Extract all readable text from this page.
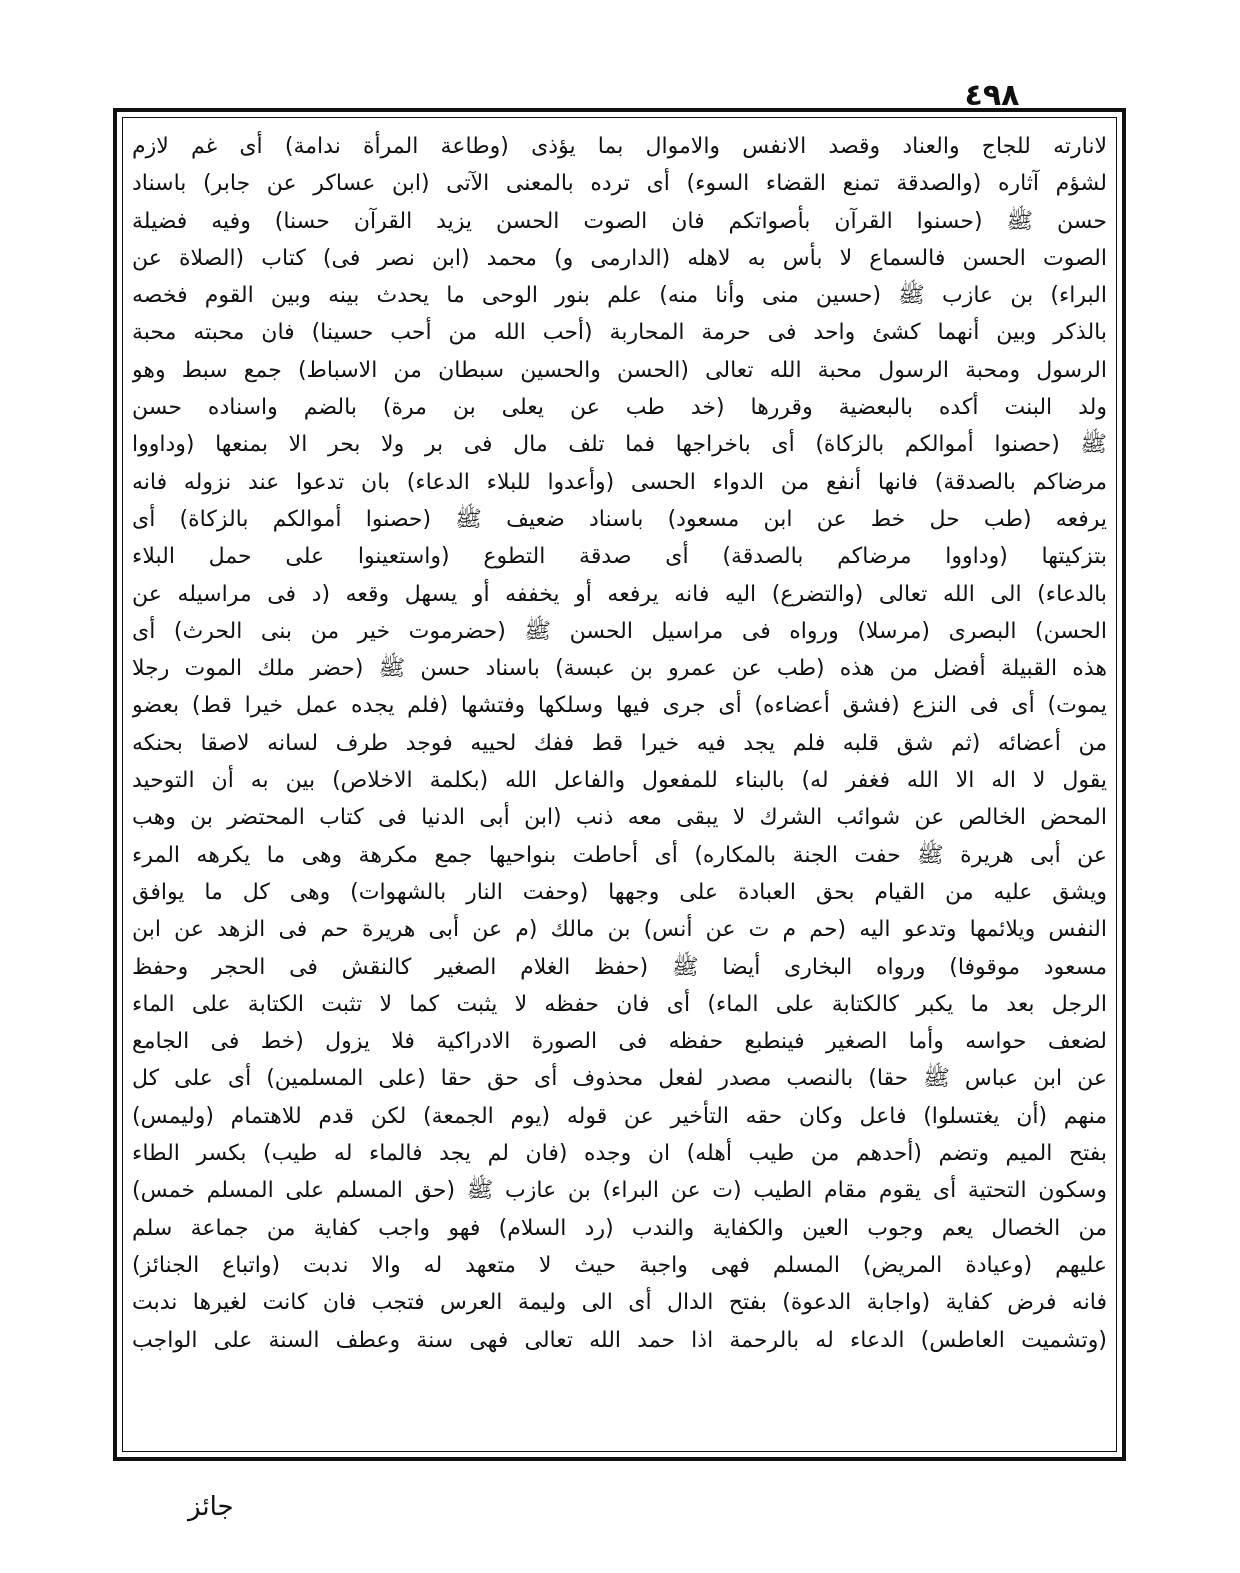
٤٩٨
لانارته للجاج والعناد وقصد الانفس والاموال بما يؤذى (وطاعة المرأة ندامة) أى غم لازم
لشؤم آثاره (والصدقة تمنع القضاء السوء) أى ترده بالمعنى الآتى (ابن عساكر عن جابر) باسناد
حسن ﷺ (حسنوا القرآن بأصواتكم فان الصوت الحسن يزيد القرآن حسنا) وفيه فضيلة
الصوت الحسن فالسماع لا بأس به لاهله (الدارمى و) محمد (ابن نصر فى) كتاب (الصلاة عن
البراء) بن عازب ﷺ (حسين منى وأنا منه) علم بنور الوحى ما يحدث بينه وبين القوم فخصه
بالذكر وبين أنهما كشئ واحد فى حرمة المحاربة (أحب الله من أحب حسينا) فان محبته محبة
الرسول ومحبة الرسول محبة الله تعالى (الحسن والحسين سبطان من الاسباط) جمع سبط وهو
ولد البنت أكده بالبعضية وقررها (خد طب عن يعلى بن مرة) بالضم واسناده حسن
ﷺ (حصنوا أموالكم بالزكاة) أى باخراجها فما تلف مال فى بر ولا بحر الا بمنعها (وداووا
مرضاكم بالصدقة) فانها أنفع من الدواء الحسى (وأعدوا للبلاء الدعاء) بان تدعوا عند نزوله فانه
يرفعه (طب حل خط عن ابن مسعود) باسناد ضعيف ﷺ (حصنوا أموالكم بالزكاة) أى
بتزكيتها (وداووا مرضاكم بالصدقة) أى صدقة التطوع (واستعينوا على حمل البلاء
بالدعاء) الى الله تعالى (والتضرع) اليه فانه يرفعه أو يخففه أو يسهل وقعه (د فى مراسيله عن
الحسن) البصرى (مرسلا) ورواه فى مراسيل الحسن ﷺ (حضرموت خير من بنى الحرث) أى
هذه القبيلة أفضل من هذه (طب عن عمرو بن عبسة) باسناد حسن ﷺ (حضر ملك الموت رجلا
يموت) أى فى النزع (فشق أعضاءه) أى جرى فيها وسلكها وفتشها (فلم يجده عمل خيرا قط) بعضو
من أعضائه (ثم شق قلبه فلم يجد فيه خيرا قط ففك لحييه فوجد طرف لسانه لاصقا بحنكه
يقول لا اله الا الله فغفر له) بالبناء للمفعول والفاعل الله (بكلمة الاخلاص) بين به أن التوحيد
المحض الخالص عن شوائب الشرك لا يبقى معه ذنب (ابن أبى الدنيا فى كتاب المحتضر بن وهب
عن أبى هريرة ﷺ حفت الجنة بالمكاره) أى أحاطت بنواحيها جمع مكرهة وهى ما يكرهه المرء
ويشق عليه من القيام بحق العبادة على وجهها (وحفت النار بالشهوات) وهى كل ما يوافق
النفس ويلائمها وتدعو اليه (حم م ت عن أنس) بن مالك (م عن أبى هريرة حم فى الزهد عن ابن
مسعود موقوفا) ورواه البخارى أيضا ﷺ (حفظ الغلام الصغير كالنقش فى الحجر وحفظ
الرجل بعد ما يكبر كالكتابة على الماء) أى فان حفظه لا يثبت كما لا تثبت الكتابة على الماء
لضعف حواسه وأما الصغير فينطبع حفظه فى الصورة الادراكية فلا يزول (خط فى الجامع
عن ابن عباس ﷺ حقا) بالنصب مصدر لفعل محذوف أى حق حقا (على المسلمين) أى على كل
منهم (أن يغتسلوا) فاعل وكان حقه التأخير عن قوله (يوم الجمعة) لكن قدم للاهتمام (وليمس)
بفتح الميم وتضم (أحدهم من طيب أهله) ان وجده (فان لم يجد فالماء له طيب) بكسر الطاء
وسكون التحتية أى يقوم مقام الطيب (ت عن البراء) بن عازب ﷺ (حق المسلم على المسلم خمس)
من الخصال يعم وجوب العين والكفاية والندب (رد السلام) فهو واجب كفاية من جماعة سلم
عليهم (وعيادة المريض) المسلم فهى واجبة حيث لا متعهد له والا ندبت (واتباع الجنائز)
فانه فرض كفاية (واجابة الدعوة) بفتح الدال أى الى وليمة العرس فتجب فان كانت لغيرها ندبت
(وتشميت العاطس) الدعاء له بالرحمة اذا حمد الله تعالى فهى سنة وعطف السنة على الواجب
جائز
